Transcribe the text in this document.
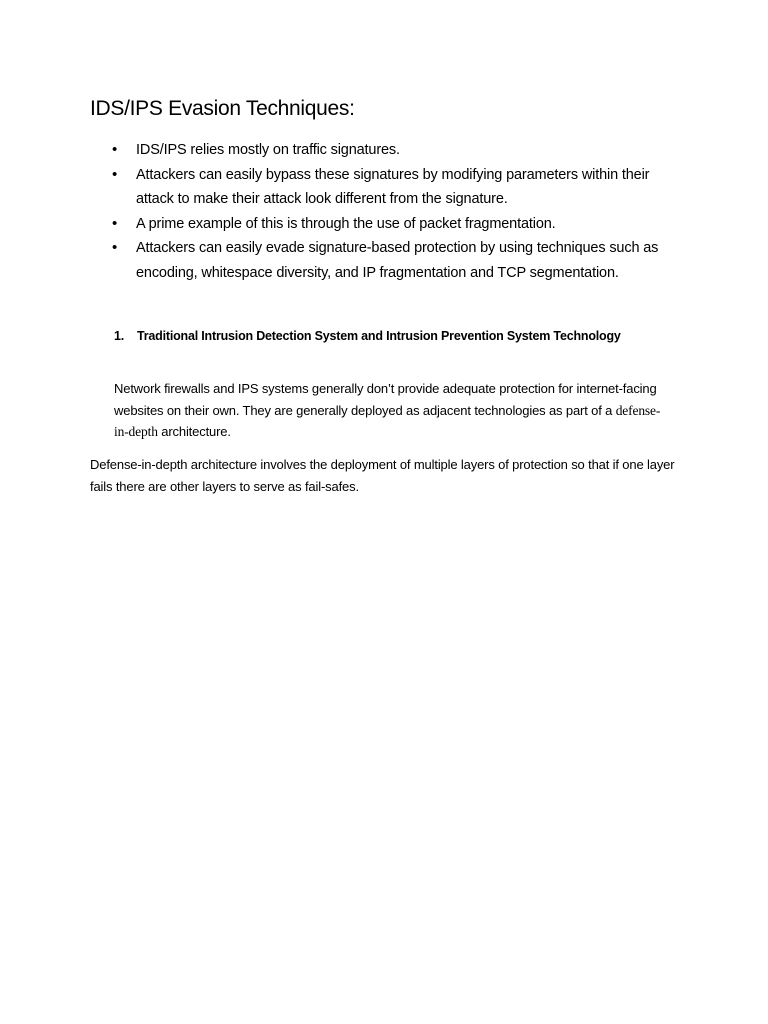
IDS/IPS Evasion Techniques:
• IDS/IPS relies mostly on traffic signatures.
• Attackers can easily bypass these signatures by modifying parameters within their attack to make their attack look different from the signature.
• A prime example of this is through the use of packet fragmentation.
• Attackers can easily evade signature-based protection by using techniques such as encoding, whitespace diversity, and IP fragmentation and TCP segmentation.
1. Traditional Intrusion Detection System and Intrusion Prevention System Technology

Network firewalls and IPS systems generally don’t provide adequate protection for internet-facing websites on their own. They are generally deployed as adjacent technologies as part of a defense-in-depth architecture.

Defense-in-depth architecture involves the deployment of multiple layers of protection so that if one layer fails there are other layers to serve as fail-safes.
